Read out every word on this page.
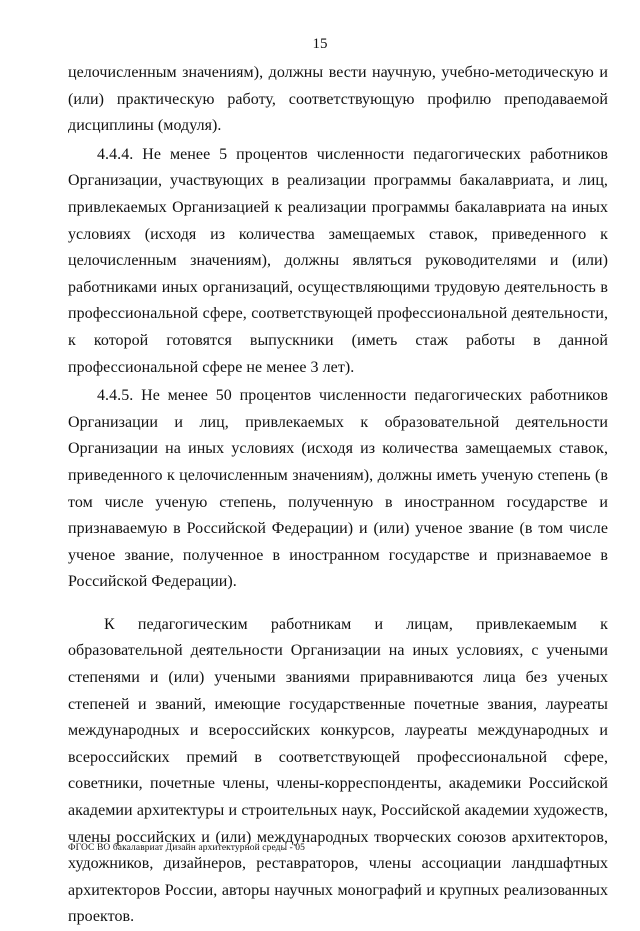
15

целочисленным значениям), должны вести научную, учебно-методическую и (или) практическую работу, соответствующую профилю преподаваемой дисциплины (модуля).

4.4.4. Не менее 5 процентов численности педагогических работников Организации, участвующих в реализации программы бакалавриата, и лиц, привлекаемых Организацией к реализации программы бакалавриата на иных условиях (исходя из количества замещаемых ставок, приведенного к целочисленным значениям), должны являться руководителями и (или) работниками иных организаций, осуществляющими трудовую деятельность в профессиональной сфере, соответствующей профессиональной деятельности, к которой готовятся выпускники (иметь стаж работы в данной профессиональной сфере не менее 3 лет).

4.4.5. Не менее 50 процентов численности педагогических работников Организации и лиц, привлекаемых к образовательной деятельности Организации на иных условиях (исходя из количества замещаемых ставок, приведенного к целочисленным значениям), должны иметь ученую степень (в том числе ученую степень, полученную в иностранном государстве и признаваемую в Российской Федерации) и (или) ученое звание (в том числе ученое звание, полученное в иностранном государстве и признаваемое в Российской Федерации).

К педагогическим работникам и лицам, привлекаемым к образовательной деятельности Организации на иных условиях, с учеными степенями и (или) учеными званиями приравниваются лица без ученых степеней и званий, имеющие государственные почетные звания, лауреаты международных и всероссийских конкурсов, лауреаты международных и всероссийских премий в соответствующей профессиональной сфере, советники, почетные члены, члены-корреспонденты, академики Российской академии архитектуры и строительных наук, Российской академии художеств, члены российских и (или) международных творческих союзов архитекторов, художников, дизайнеров, реставраторов, члены ассоциации ландшафтных архитекторов России, авторы научных монографий и крупных реализованных проектов.

ФГОС ВО бакалавриат Дизайн архитектурной среды - 05
